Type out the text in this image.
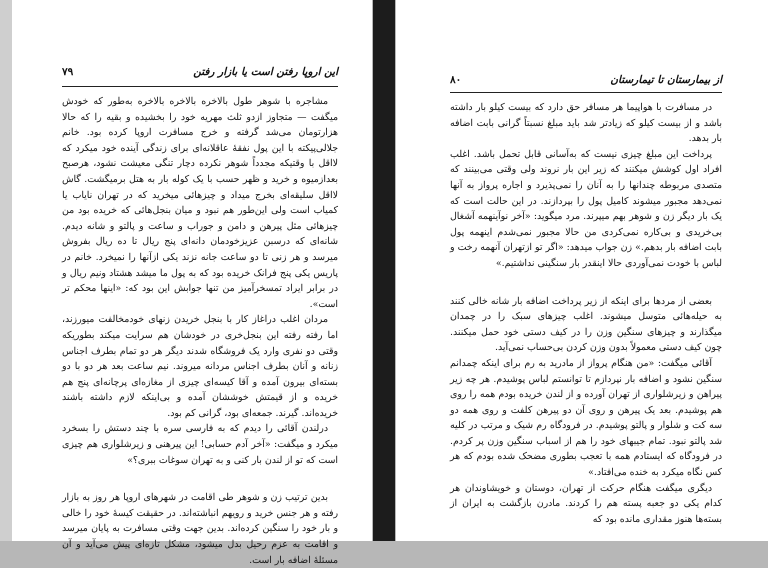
این اروپا رفتن است یا بازار رفتن
۷۹

مشاجره با شوهر طول بالاخره بالاخره بالاخره به‌طور که خودش میگفت — متجاوز ازدو ثلث مهریه خود را بخشیده و بقیه را که حالا هزارتومان می‌شد گرفته و خرج مسافرت اروپا کرده بود. خانم جلالی‌پیکته با این پول نفقهٔ عاقلانه‌ای برای زندگی آینده خود میکرد که لااقل با وقتیکه مجدداً شوهر نکرده دچار تنگی معیشت نشود، هرصبح بعدازمیوه و خرید و ظهر حسب با یک کوله بار به هتل برمیگشت. گاش لااقل سلیقه‌ای بخرج میداد و چیزهائی میخرید که در تهران نایاب یا کمیاب است ولی این‌طور هم نبود و میان بنجل‌هائی که خریده بود من چیزهائی مثل پیرهن و دامن و جوراب و ساعت و پالتو و شانه دیدم. شانه‌ای که درسبن عزیزخودمان دانه‌ای پنج ریال تا ده ریال بفروش میرسد و هر زنی تا دو ساعت جانه نزند یکی ازآنها را نمیخرد. خانم در پاریس یکی پنج فرانک خریده بود که به پول ما میشد هشتاد ونیم ریال و در برابر ایراد تمسخرآمیز من تنها جوابش این بود که: «اینها محکم تر است».

مردان اغلب دراغاز کار با بنجل خریدن زنهای خودمخالفت میورزند، اما رفته رفته این بنجل‌خری در خودشان هم سرایت میکند بطوریکه وقتی دو نفری وارد یک فروشگاه شدند دیگر هر دو تمام بطرف اجناس زنانه و آنان بطرف اجناس مردانه میروند. نیم ساعت بعد هر دو با دو بسته‌ای بیرون آمده و آقا کیسه‌ای چیزی از مغازه‌ای پرچانه‌ای پنج هم خریده و از قیمتش خوششان آمده و بی‌اینکه لازم داشته باشند خریده‌اند. گیرند. جمعه‌ای بود، گرانی کم بود.

درلندن آقائی را دیدم که به فارسی سره با چند دستش را بسخرد میکرد و میگفت: «آخر آدم حسابی! این پیرهنی و زیرشلواری هم چیزی است که تو از لندن بار کنی و به تهران سوغات ببری؟»

بدین ترتیب زن و شوهر طی اقامت در شهرهای اروپا هر روز به بازار رفته و هر جنس خرید و رویهم انباشته‌اند. در حقیقت کیسهٔ خود را خالی و بار خود را سنگین کرده‌اند. بدین جهت وقتی مسافرت به پایان میرسد و اقامت به عزم رحیل بدل میشود، مشکل تازه‌ای پیش می‌آید و آن مسئلهٔ اضافه بار است.

از بیمارستان تا تیمارستان
۸۰

در مسافرت با هواپیما هر مسافر حق دارد که بیست کیلو بار داشته باشد و از بیست کیلو که زیادتر شد باید مبلغ نسبتاً گرانی بابت اضافه بار بدهد.

پرداخت این مبلغ چیزی نیست که به‌آسانی قابل تحمل باشد. اغلب افراد اول کوشش میکنند که زیر این بار نروند ولی وقتی می‌بینند که متصدی مربوطه چندانها را به آنان را نمی‌پذیرد و اجاره پرواز به آنها نمی‌دهد مجبور میشوند کامیل پول را بپردازند. در این حالت است که یک بار دیگر زن و شوهر بهم میپرند. مرد میگوید: «آخر نوآینهمه آشغال بی‌خریدی و بی‌کاره نمی‌کردی من حالا مجبور نمی‌شدم اینهمه پول بابت اضافه بار بدهم.» زن جواب میدهد: «اگر تو ازتهران آنهمه رخت و لباس با خودت نمی‌آوردی حالا اینقدر بار سنگینی نداشتیم.»

بعضی از مردها برای اینکه از زیر پرداخت اضافه بار شانه خالی کنند به حیله‌هائی متوسل میشوند. اغلب چیزهای سبک را در چمدان میگذارند و چیزهای سنگین وزن را در کیف دستی خود حمل میکنند. چون کیف دستی معمولاً بدون وزن کردن بی‌حساب نمی‌آید.

آقائی میگفت: «من هنگام پرواز از مادرید به رم برای اینکه چمدانم سنگین نشود و اضافه بار نپردازم تا توانستم لباس پوشیدم. هر چه زیر پیراهن و زیرشلواری از تهران آورده و از لندن خریده بودم همه را روی هم پوشیدم. بعد یک پیرهن و روی آن دو پیرهن کلفت و روی همه دو سه کت و شلوار و پالتو پوشیدم. در فرودگاه رم شیک و مرتب در کلیه شد پالتو نبود. تمام جیبهای خود را هم از اسباب سنگین وزن پر کردم. در فرودگاه که ایستادم همه با تعجب بطوری مضحک شده بودم که هر کس نگاه میکرد به خنده می‌افتاد.»

دیگری میگفت هنگام حرکت از تهران، دوستان و خویشاوندان هر کدام یکی دو جعبه پسته هم را کردند. مادرن بازگشت به ایران از بسته‌ها هنوز مقداری مانده بود که
